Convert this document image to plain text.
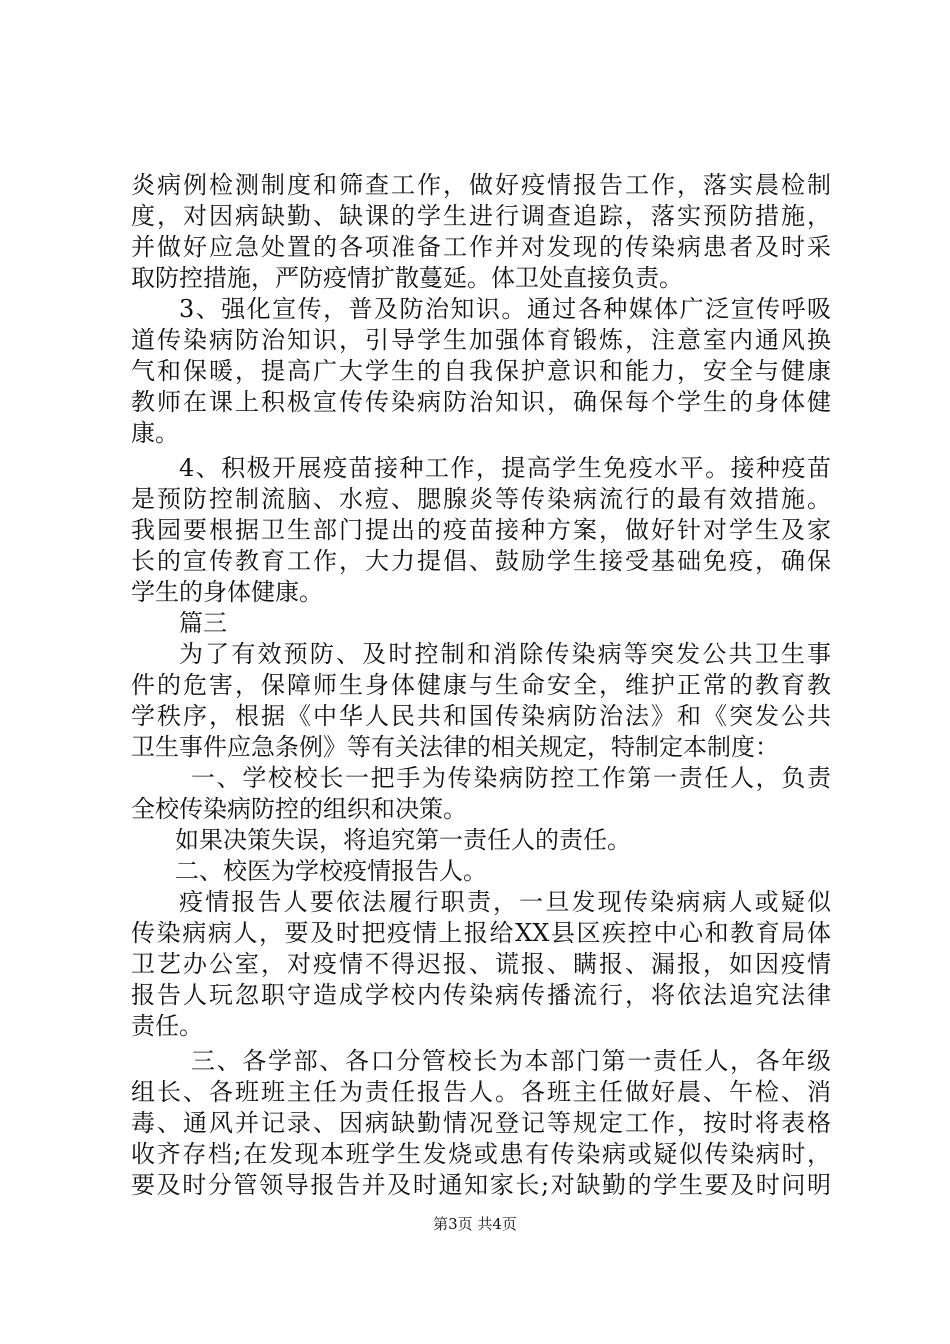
炎病例检测制度和筛查工作，做好疫情报告工作，落实晨检制
度，对因病缺勤、缺课的学生进行调查追踪，落实预防措施，
并做好应急处置的各项准备工作并对发现的传染病患者及时采
取防控措施，严防疫情扩散蔓延。体卫处直接负责。
3、强化宣传，普及防治知识。通过各种媒体广泛宣传呼吸
道传染病防治知识，引导学生加强体育锻炼，注意室内通风换
气和保暖，提高广大学生的自我保护意识和能力，安全与健康
教师在课上积极宣传传染病防治知识，确保每个学生的身体健
康。
4、积极开展疫苗接种工作，提高学生免疫水平。接种疫苗
是预防控制流脑、水痘、腮腺炎等传染病流行的最有效措施。
我园要根据卫生部门提出的疫苗接种方案，做好针对学生及家
长的宣传教育工作，大力提倡、鼓励学生接受基础免疫，确保
学生的身体健康。
篇三
为了有效预防、及时控制和消除传染病等突发公共卫生事
件的危害，保障师生身体健康与生命安全，维护正常的教育教
学秩序，根据《中华人民共和国传染病防治法》和《突发公共
卫生事件应急条例》等有关法律的相关规定，特制定本制度：
一、学校校长一把手为传染病防控工作第一责任人，负责
全校传染病防控的组织和决策。
如果决策失误，将追究第一责任人的责任。
二、校医为学校疫情报告人。
疫情报告人要依法履行职责，一旦发现传染病病人或疑似
传染病病人，要及时把疫情上报给XX县区疾控中心和教育局体
卫艺办公室，对疫情不得迟报、谎报、瞒报、漏报，如因疫情
报告人玩忽职守造成学校内传染病传播流行，将依法追究法律
责任。
三、各学部、各口分管校长为本部门第一责任人，各年级
组长、各班班主任为责任报告人。各班主任做好晨、午检、消
毒、通风并记录、因病缺勤情况登记等规定工作，按时将表格
收齐存档;在发现本班学生发烧或患有传染病或疑似传染病时，
要及时分管领导报告并及时通知家长;对缺勤的学生要及时问明
第3页 共4页
